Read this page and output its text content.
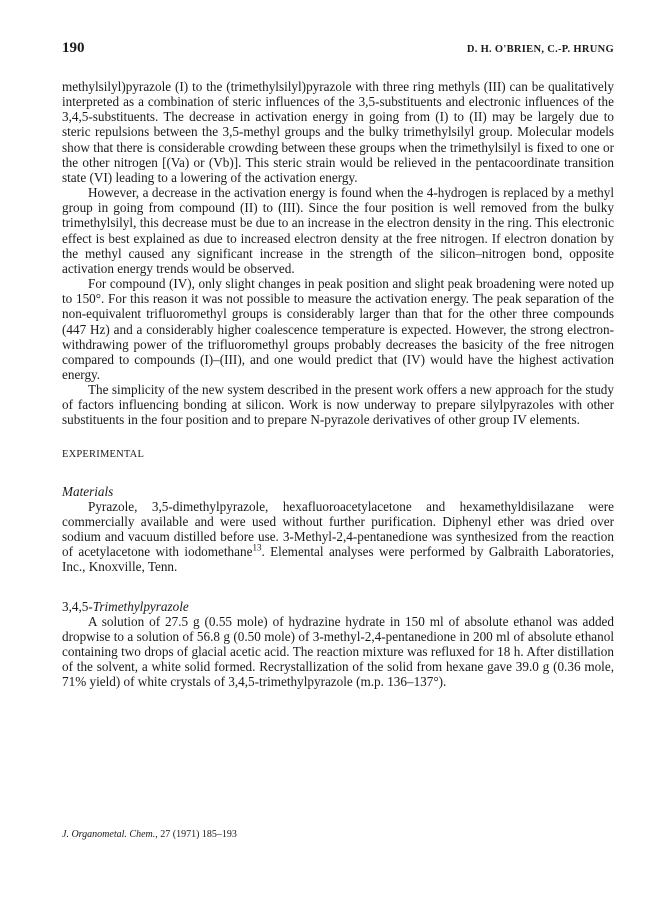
190	D. H. O'BRIEN, C.-P. HRUNG

methylsilyl)pyrazole (I) to the (trimethylsilyl)pyrazole with three ring methyls (III) can be qualitatively interpreted as a combination of steric influences of the 3,5-substituents and electronic influences of the 3,4,5-substituents. The decrease in activation energy in going from (I) to (II) may be largely due to steric repulsions between the 3,5-methyl groups and the bulky trimethylsilyl group. Molecular models show that there is considerable crowding between these groups when the trimethylsilyl is fixed to one or the other nitrogen [(Va) or (Vb)]. This steric strain would be relieved in the pentacoordinate transition state (VI) leading to a lowering of the activation energy.

However, a decrease in the activation energy is found when the 4-hydrogen is replaced by a methyl group in going from compound (II) to (III). Since the four position is well removed from the bulky trimethylsilyl, this decrease must be due to an increase in the electron density in the ring. This electronic effect is best explained as due to increased electron density at the free nitrogen. If electron donation by the methyl caused any significant increase in the strength of the silicon–nitrogen bond, opposite activation energy trends would be observed.

For compound (IV), only slight changes in peak position and slight peak broadening were noted up to 150°. For this reason it was not possible to measure the activation energy. The peak separation of the non-equivalent trifluoromethyl groups is considerably larger than that for the other three compounds (447 Hz) and a considerably higher coalescence temperature is expected. However, the strong electron-withdrawing power of the trifluoromethyl groups probably decreases the basicity of the free nitrogen compared to compounds (I)–(III), and one would predict that (IV) would have the highest activation energy.

The simplicity of the new system described in the present work offers a new approach for the study of factors influencing bonding at silicon. Work is now underway to prepare silylpyrazoles with other substituents in the four position and to prepare N-pyrazole derivatives of other group IV elements.

EXPERIMENTAL
Materials

Pyrazole, 3,5-dimethylpyrazole, hexafluoroacetylacetone and hexamethyldisilazane were commercially available and were used without further purification. Diphenyl ether was dried over sodium and vacuum distilled before use. 3-Methyl-2,4-pentanedione was synthesized from the reaction of acetylacetone with iodomethane$^{13}$. Elemental analyses were performed by Galbraith Laboratories, Inc., Knoxville, Tenn.

3,4,5-Trimethylpyrazole

A solution of 27.5 g (0.55 mole) of hydrazine hydrate in 150 ml of absolute ethanol was added dropwise to a solution of 56.8 g (0.50 mole) of 3-methyl-2,4-pentanedione in 200 ml of absolute ethanol containing two drops of glacial acetic acid. The reaction mixture was refluxed for 18 h. After distillation of the solvent, a white solid formed. Recrystallization of the solid from hexane gave 39.0 g (0.36 mole, 71% yield) of white crystals of 3,4,5-trimethylpyrazole (m.p. 136–137°).

J. Organometal. Chem., 27 (1971) 185–193
